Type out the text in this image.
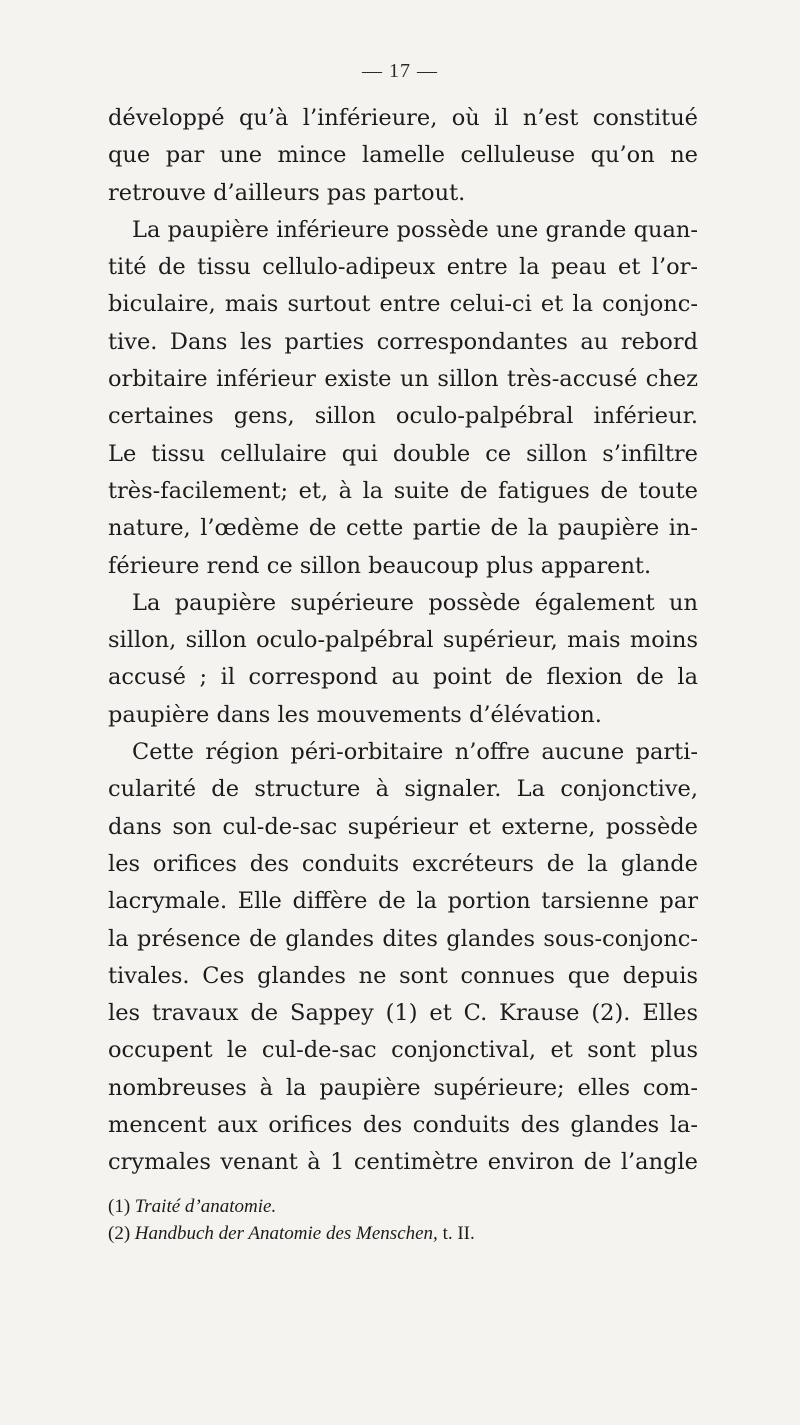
— 17 —
développé qu’à l’inférieure, où il n’est constitué
que par une mince lamelle celluleuse qu’on ne
retrouve d’ailleurs pas partout.
La paupière inférieure possède une grande quan-
tité de tissu cellulo-adipeux entre la peau et l’or-
biculaire, mais surtout entre celui-ci et la conjonc-
tive. Dans les parties correspondantes au rebord
orbitaire inférieur existe un sillon très-accusé chez
certaines gens, sillon oculo-palpébral inférieur.
Le tissu cellulaire qui double ce sillon s’infiltre
très-facilement; et, à la suite de fatigues de toute
nature, l’œdème de cette partie de la paupière in-
férieure rend ce sillon beaucoup plus apparent.
La paupière supérieure possède également un
sillon, sillon oculo-palpébral supérieur, mais moins
accusé ; il correspond au point de flexion de la
paupière dans les mouvements d’élévation.
Cette région péri-orbitaire n’offre aucune parti-
cularité de structure à signaler. La conjonctive,
dans son cul-de-sac supérieur et externe, possède
les orifices des conduits excréteurs de la glande
lacrymale. Elle diffère de la portion tarsienne par
la présence de glandes dites glandes sous-conjonc-
tivales. Ces glandes ne sont connues que depuis
les travaux de Sappey (1) et C. Krause (2). Elles
occupent le cul-de-sac conjonctival, et sont plus
nombreuses à la paupière supérieure; elles com-
mencent aux orifices des conduits des glandes la-
crymales venant à 1 centimètre environ de l’angle
(1) Traité d’anatomie.
(2) Handbuch der Anatomie des Menschen, t. II.
